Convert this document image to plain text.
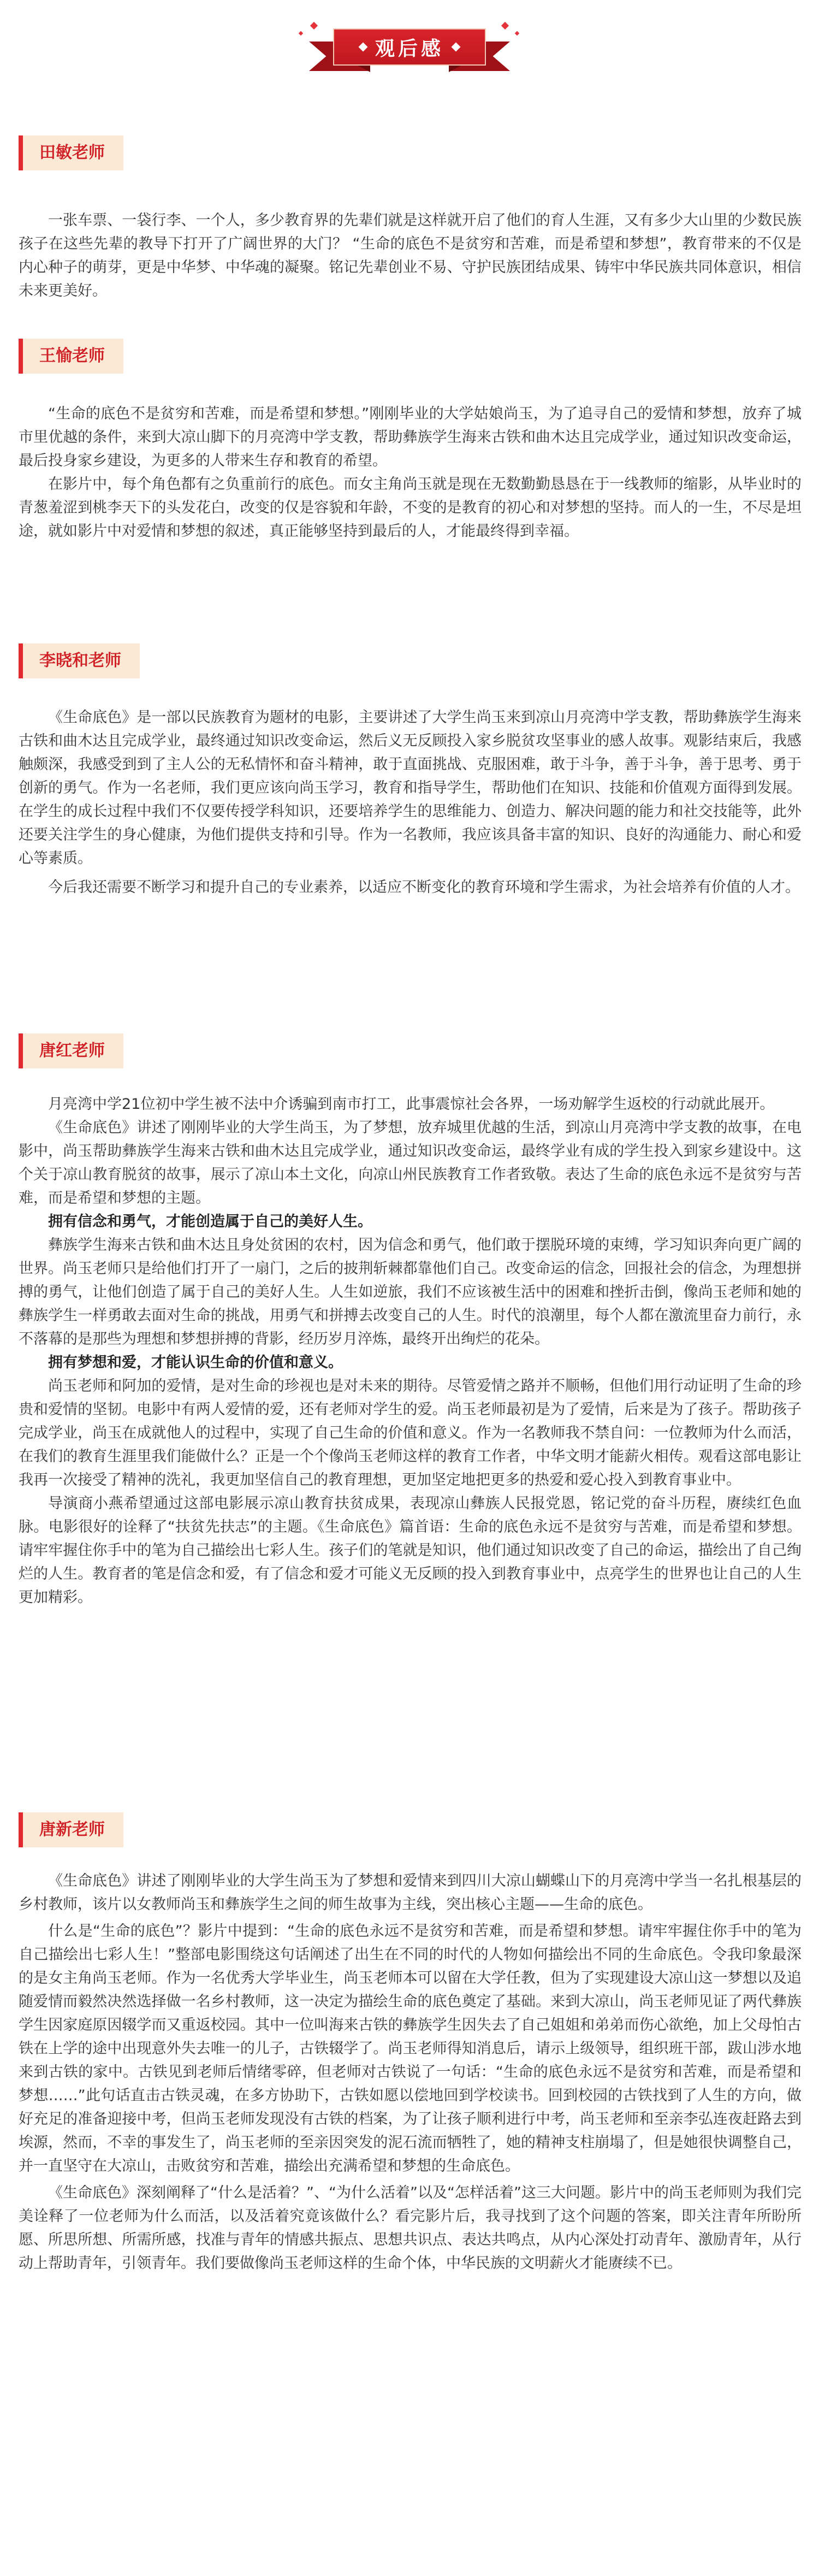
观后感
田敏老师

一张车票、一袋行李、一个人，多少教育界的先辈们就是这样就开启了他们的育人生涯，又有多少大山里的少数民族孩子在这些先辈的教导下打开了广阔世界的大门？ “生命的底色不是贫穷和苦难，而是希望和梦想”，教育带来的不仅是内心种子的萌芽，更是中华梦、中华魂的凝聚。铭记先辈创业不易、守护民族团结成果、铸牢中华民族共同体意识，相信未来更美好。

王愉老师

“生命的底色不是贫穷和苦难，而是希望和梦想。”刚刚毕业的大学姑娘尚玉，为了追寻自己的爱情和梦想，放弃了城市里优越的条件，来到大凉山脚下的月亮湾中学支教，帮助彝族学生海来古铁和曲木达且完成学业，通过知识改变命运，最后投身家乡建设，为更多的人带来生存和教育的希望。

在影片中，每个角色都有之负重前行的底色。而女主角尚玉就是现在无数勤勤恳恳在于一线教师的缩影，从毕业时的青葱羞涩到桃李天下的头发花白，改变的仅是容貌和年龄，不变的是教育的初心和对梦想的坚持。而人的一生，不尽是坦途，就如影片中对爱情和梦想的叙述，真正能够坚持到最后的人，才能最终得到幸福。

李晓和老师

《生命底色》是一部以民族教育为题材的电影，主要讲述了大学生尚玉来到凉山月亮湾中学支教，帮助彝族学生海来古铁和曲木达且完成学业，最终通过知识改变命运，然后义无反顾投入家乡脱贫攻坚事业的感人故事。观影结束后，我感触颇深，我感受到到了主人公的无私情怀和奋斗精神，敢于直面挑战、克服困难，敢于斗争，善于斗争，善于思考、勇于创新的勇气。作为一名老师，我们更应该向尚玉学习，教育和指导学生，帮助他们在知识、技能和价值观方面得到发展。在学生的成长过程中我们不仅要传授学科知识，还要培养学生的思维能力、创造力、解决问题的能力和社交技能等，此外还要关注学生的身心健康，为他们提供支持和引导。作为一名教师，我应该具备丰富的知识、良好的沟通能力、耐心和爱心等素质。

今后我还需要不断学习和提升自己的专业素养，以适应不断变化的教育环境和学生需求，为社会培养有价值的人才。

唐红老师

月亮湾中学21位初中学生被不法中介诱骗到南市打工，此事震惊社会各界，一场劝解学生返校的行动就此展开。

《生命底色》讲述了刚刚毕业的大学生尚玉，为了梦想，放弃城里优越的生活，到凉山月亮湾中学支教的故事，在电影中，尚玉帮助彝族学生海来古铁和曲木达且完成学业，通过知识改变命运，最终学业有成的学生投入到家乡建设中。这个关于凉山教育脱贫的故事，展示了凉山本土文化，向凉山州民族教育工作者致敬。表达了生命的底色永远不是贫穷与苦难，而是希望和梦想的主题。

拥有信念和勇气，才能创造属于自己的美好人生。

彝族学生海来古铁和曲木达且身处贫困的农村，因为信念和勇气，他们敢于摆脱环境的束缚，学习知识奔向更广阔的世界。尚玉老师只是给他们打开了一扇门，之后的披荆斩棘都靠他们自己。改变命运的信念，回报社会的信念，为理想拼搏的勇气，让他们创造了属于自己的美好人生。人生如逆旅，我们不应该被生活中的困难和挫折击倒，像尚玉老师和她的彝族学生一样勇敢去面对生命的挑战，用勇气和拼搏去改变自己的人生。时代的浪潮里，每个人都在激流里奋力前行，永不落幕的是那些为理想和梦想拼搏的背影，经历岁月淬炼，最终开出绚烂的花朵。

拥有梦想和爱，才能认识生命的价值和意义。

尚玉老师和阿加的爱情，是对生命的珍视也是对未来的期待。尽管爱情之路并不顺畅，但他们用行动证明了生命的珍贵和爱情的坚韧。电影中有两人爱情的爱，还有老师对学生的爱。尚玉老师最初是为了爱情，后来是为了孩子。帮助孩子完成学业，尚玉在成就他人的过程中，实现了自己生命的价值和意义。作为一名教师我不禁自问：一位教师为什么而活，在我们的教育生涯里我们能做什么？正是一个个像尚玉老师这样的教育工作者，中华文明才能薪火相传。观看这部电影让我再一次接受了精神的洗礼，我更加坚信自己的教育理想，更加坚定地把更多的热爱和爱心投入到教育事业中。

导演商小燕希望通过这部电影展示凉山教育扶贫成果，表现凉山彝族人民报党恩，铭记党的奋斗历程，赓续红色血脉。电影很好的诠释了“扶贫先扶志”的主题。《生命底色》篇首语：生命的底色永远不是贫穷与苦难，而是希望和梦想。请牢牢握住你手中的笔为自己描绘出七彩人生。孩子们的笔就是知识，他们通过知识改变了自己的命运，描绘出了自己绚烂的人生。教育者的笔是信念和爱，有了信念和爱才可能义无反顾的投入到教育事业中，点亮学生的世界也让自己的人生更加精彩。

唐新老师

《生命底色》讲述了刚刚毕业的大学生尚玉为了梦想和爱情来到四川大凉山蝴蝶山下的月亮湾中学当一名扎根基层的乡村教师，该片以女教师尚玉和彝族学生之间的师生故事为主线，突出核心主题——生命的底色。

什么是“生命的底色”？影片中提到：“生命的底色永远不是贫穷和苦难，而是希望和梦想。请牢牢握住你手中的笔为自己描绘出七彩人生！”整部电影围绕这句话阐述了出生在不同的时代的人物如何描绘出不同的生命底色。令我印象最深的是女主角尚玉老师。作为一名优秀大学毕业生，尚玉老师本可以留在大学任教，但为了实现建设大凉山这一梦想以及追随爱情而毅然决然选择做一名乡村教师，这一决定为描绘生命的底色奠定了基础。来到大凉山，尚玉老师见证了两代彝族学生因家庭原因辍学而又重返校园。其中一位叫海来古铁的彝族学生因失去了自己姐姐和弟弟而伤心欲绝，加上父母怕古铁在上学的途中出现意外失去唯一的儿子，古铁辍学了。尚玉老师得知消息后，请示上级领导，组织班干部，跋山涉水地来到古铁的家中。古铁见到老师后情绪零碎，但老师对古铁说了一句话：“生命的底色永远不是贫穷和苦难，而是希望和梦想……”此句话直击古铁灵魂，在多方协助下，古铁如愿以偿地回到学校读书。回到校园的古铁找到了人生的方向，做好充足的准备迎接中考，但尚玉老师发现没有古铁的档案，为了让孩子顺利进行中考，尚玉老师和至亲李弘连夜赶路去到埃源，然而，不幸的事发生了，尚玉老师的至亲因突发的泥石流而牺牲了，她的精神支柱崩塌了，但是她很快调整自己，并一直坚守在大凉山，击败贫穷和苦难，描绘出充满希望和梦想的生命底色。

《生命底色》深刻阐释了“什么是活着？”、“为什么活着”以及“怎样活着”这三大问题。影片中的尚玉老师则为我们完美诠释了一位老师为什么而活，以及活着究竟该做什么？看完影片后，我寻找到了这个问题的答案，即关注青年所盼所愿、所思所想、所需所感，找准与青年的情感共振点、思想共识点、表达共鸣点，从内心深处打动青年、激励青年，从行动上帮助青年，引领青年。我们要做像尚玉老师这样的生命个体，中华民族的文明薪火才能赓续不已。
